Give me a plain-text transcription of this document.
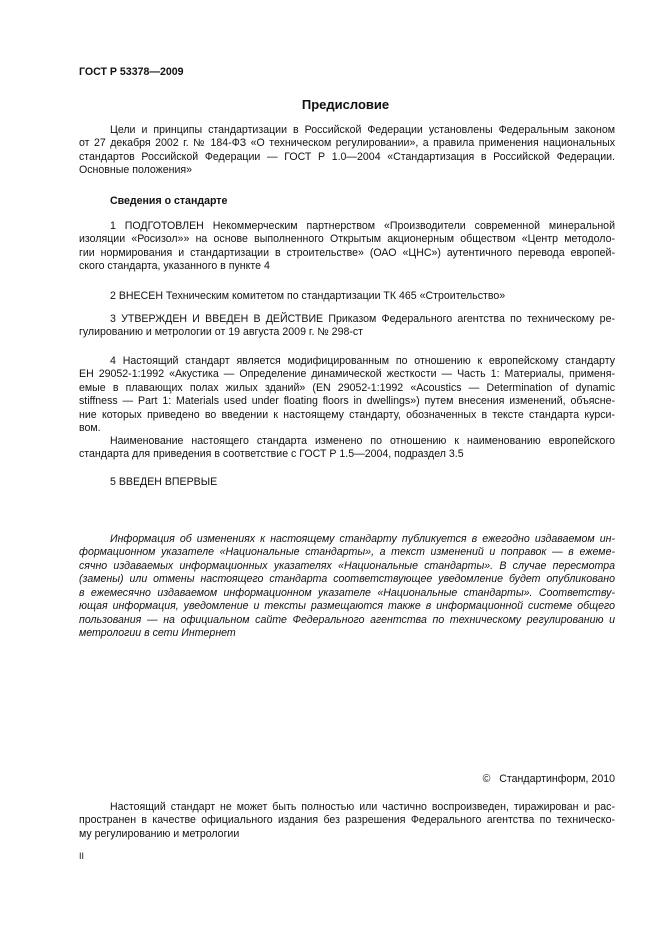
ГОСТ Р 53378—2009
Предисловие
Цели и принципы стандартизации в Российской Федерации установлены Федеральным законом
от 27 декабря 2002 г. № 184-ФЗ «О техническом регулировании», а правила применения национальных
стандартов Российской Федерации — ГОСТ Р 1.0—2004 «Стандартизация в Российской Федерации.
Основные положения»
Сведения о стандарте
1 ПОДГОТОВЛЕН Некоммерческим партнерством «Производители современной минеральной
изоляции «Росизол»» на основе выполненного Открытым акционерным обществом «Центр методоло-
гии нормирования и стандартизации в строительстве» (ОАО «ЦНС») аутентичного перевода европей-
ского стандарта, указанного в пункте 4
2 ВНЕСЕН Техническим комитетом по стандартизации ТК 465 «Строительство»
3 УТВЕРЖДЕН И ВВЕДЕН В ДЕЙСТВИЕ Приказом Федерального агентства по техническому ре-
гулированию и метрологии от 19 августа 2009 г. № 298-ст
4 Настоящий стандарт является модифицированным по отношению к европейскому стандарту
ЕН 29052-1:1992 «Акустика — Определение динамической жесткости — Часть 1: Материалы, применя-
емые в плавающих полах жилых зданий» (EN 29052-1:1992 «Acoustics — Determination of dynamic
stiffness — Part 1: Materials used under floating floors in dwellings») путем внесения изменений, объясне-
ние которых приведено во введении к настоящему стандарту, обозначенных в тексте стандарта курси-
вом.
Наименование настоящего стандарта изменено по отношению к наименованию европейского
стандарта для приведения в соответствие с ГОСТ Р 1.5—2004, подраздел 3.5
5 ВВЕДЕН ВПЕРВЫЕ
Информация об изменениях к настоящему стандарту публикуется в ежегодно издаваемом ин-
формационном указателе «Национальные стандарты», а текст изменений и поправок — в ежеме-
сячно издаваемых информационных указателях «Национальные стандарты». В случае пересмотра
(замены) или отмены настоящего стандарта соответствующее уведомление будет опубликовано
в ежемесячно издаваемом информационном указателе «Национальные стандарты». Соответству-
ющая информация, уведомление и тексты размещаются также в информационной системе общего
пользования — на официальном сайте Федерального агентства по техническому регулированию и
метрологии в сети Интернет
©   Стандартинформ, 2010
Настоящий стандарт не может быть полностью или частично воспроизведен, тиражирован и рас-
пространен в качестве официального издания без разрешения Федерального агентства по техническо-
му регулированию и метрологии
II
